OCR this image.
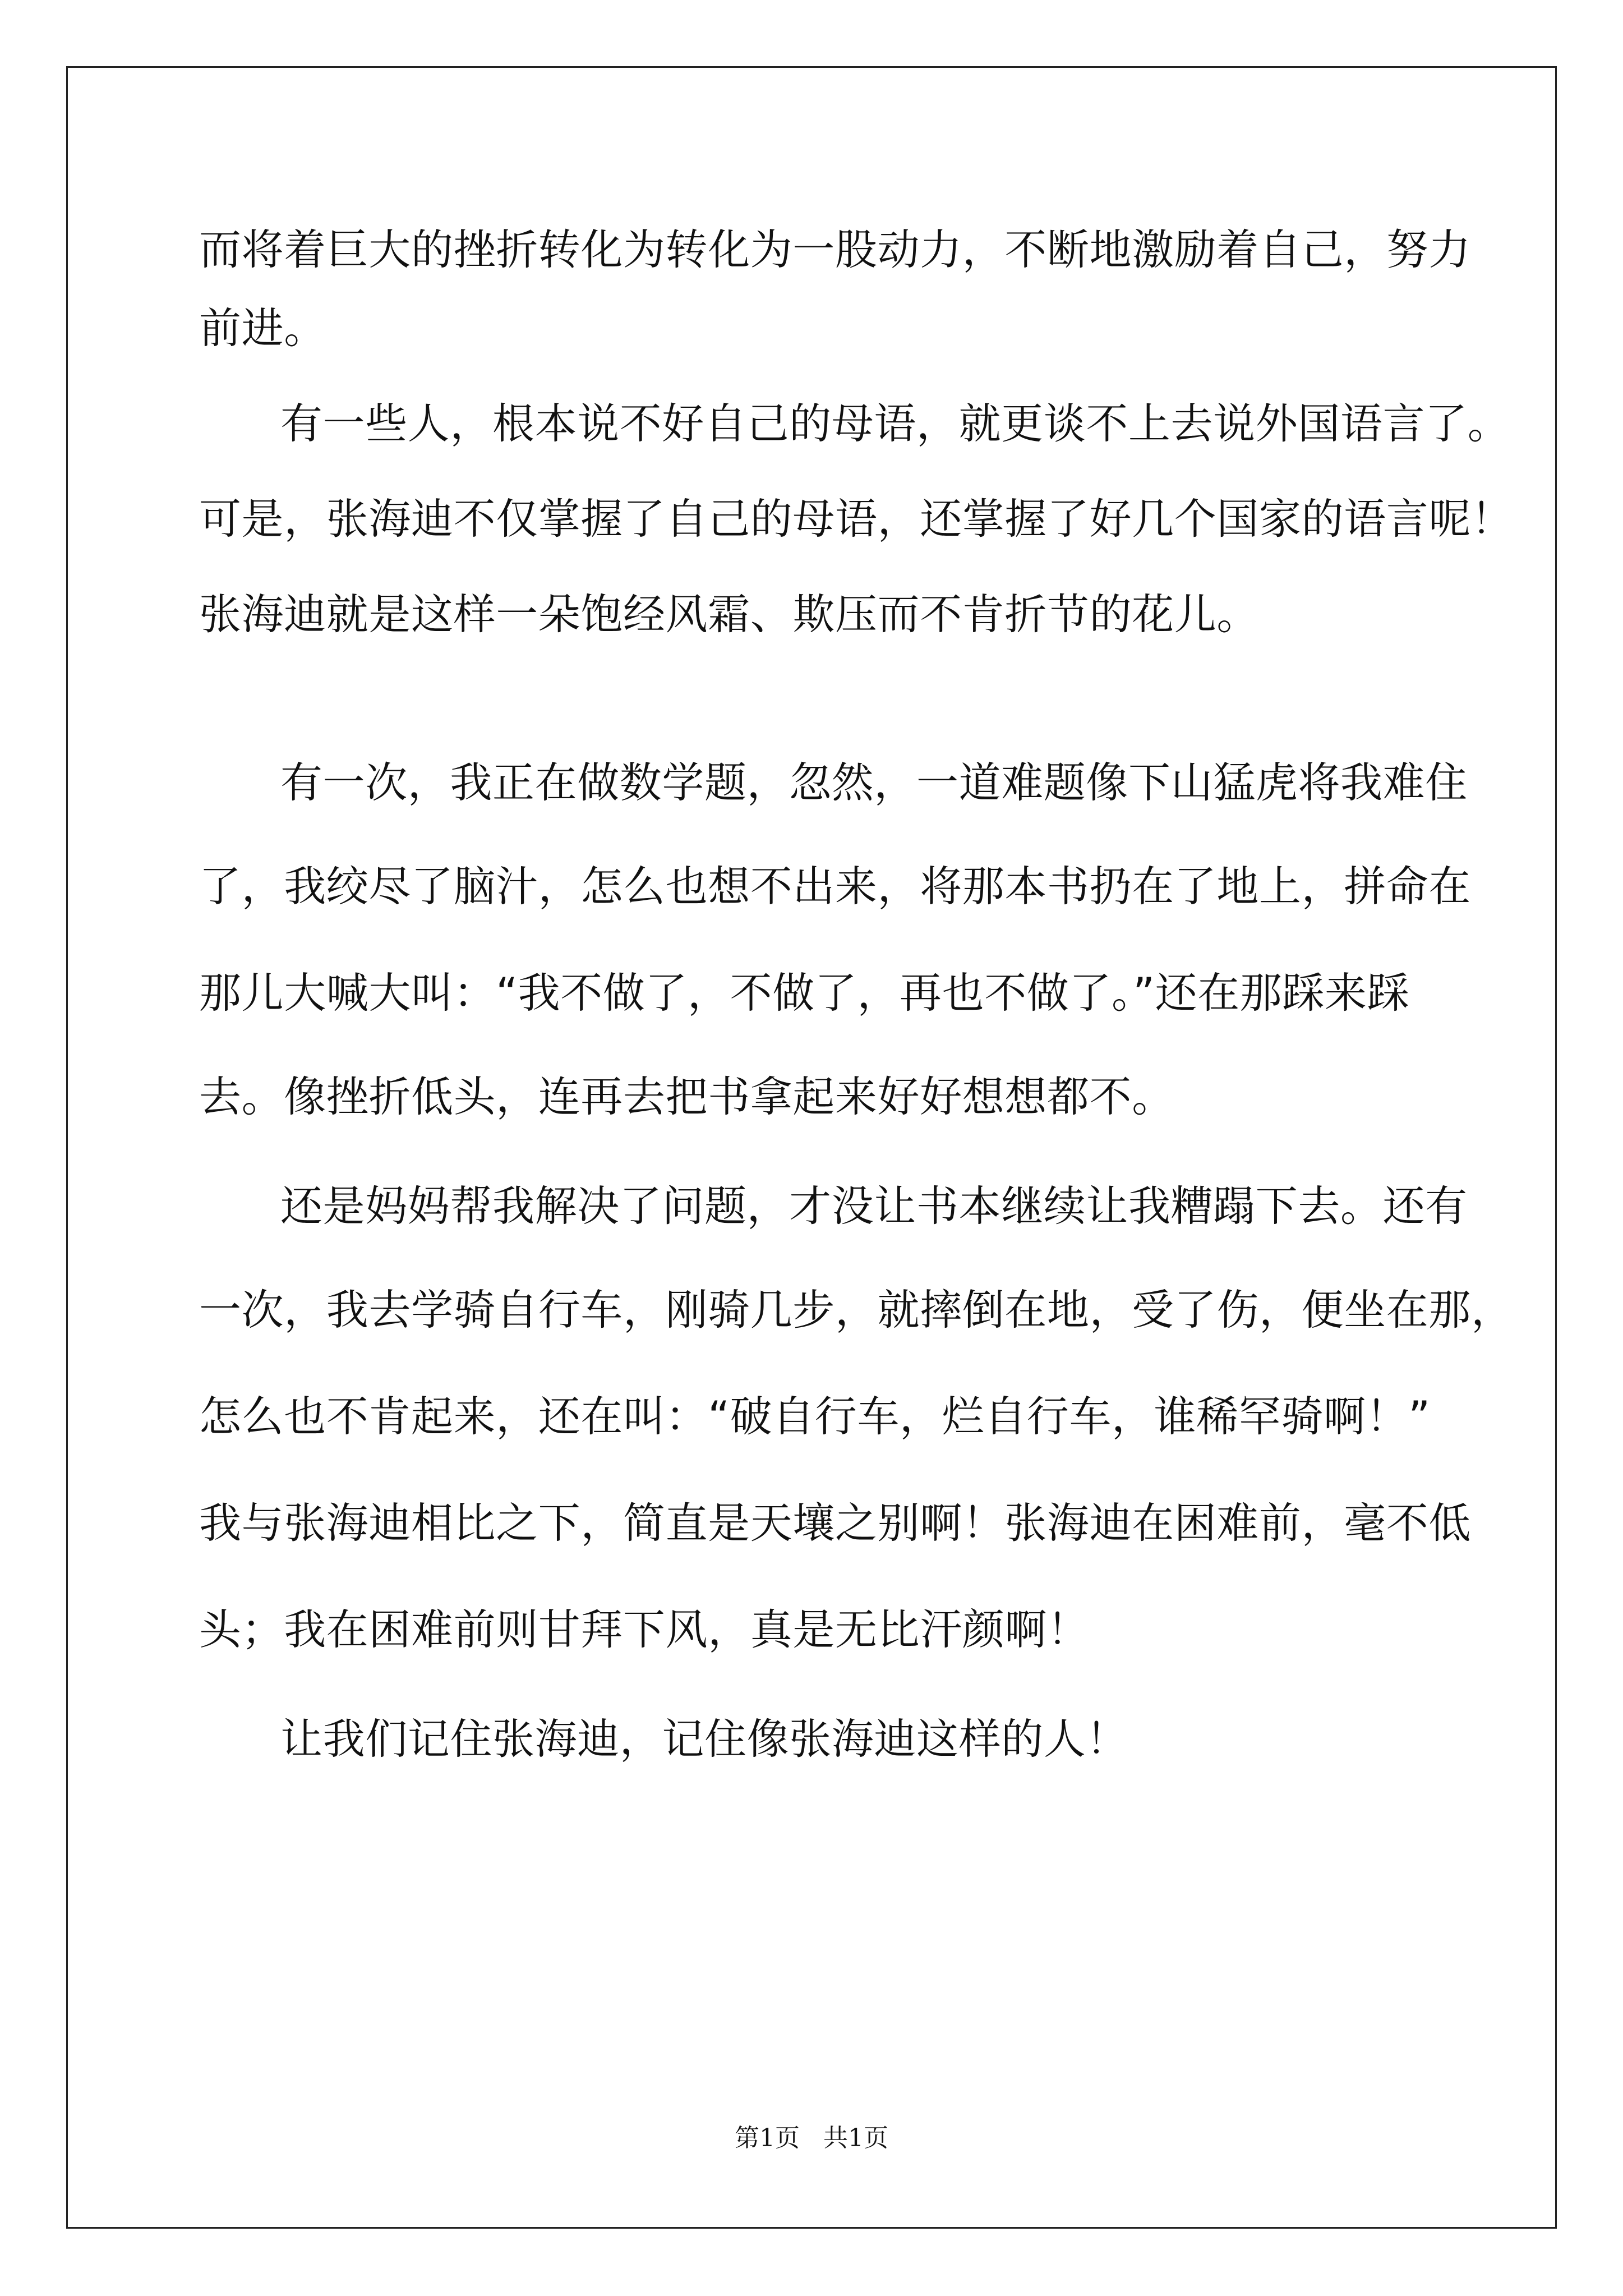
而将着巨大的挫折转化为转化为一股动力，不断地激励着自己，努力
前进。
有一些人，根本说不好自己的母语，就更谈不上去说外国语言了。
可是，张海迪不仅掌握了自己的母语，还掌握了好几个国家的语言呢！
张海迪就是这样一朵饱经风霜、欺压而不肯折节的花儿。
有一次，我正在做数学题，忽然，一道难题像下山猛虎将我难住
了，我绞尽了脑汁，怎么也想不出来，将那本书扔在了地上，拼命在
那儿大喊大叫：“我不做了，不做了，再也不做了。”还在那踩来踩
去。像挫折低头，连再去把书拿起来好好想想都不。
还是妈妈帮我解决了问题，才没让书本继续让我糟蹋下去。还有
一次，我去学骑自行车，刚骑几步，就摔倒在地，受了伤，便坐在那，
怎么也不肯起来，还在叫：“破自行车，烂自行车，谁稀罕骑啊！”
我与张海迪相比之下，简直是天壤之别啊！张海迪在困难前，毫不低
头；我在困难前则甘拜下风，真是无比汗颜啊！
让我们记住张海迪，记住像张海迪这样的人！
第1页   共1页
